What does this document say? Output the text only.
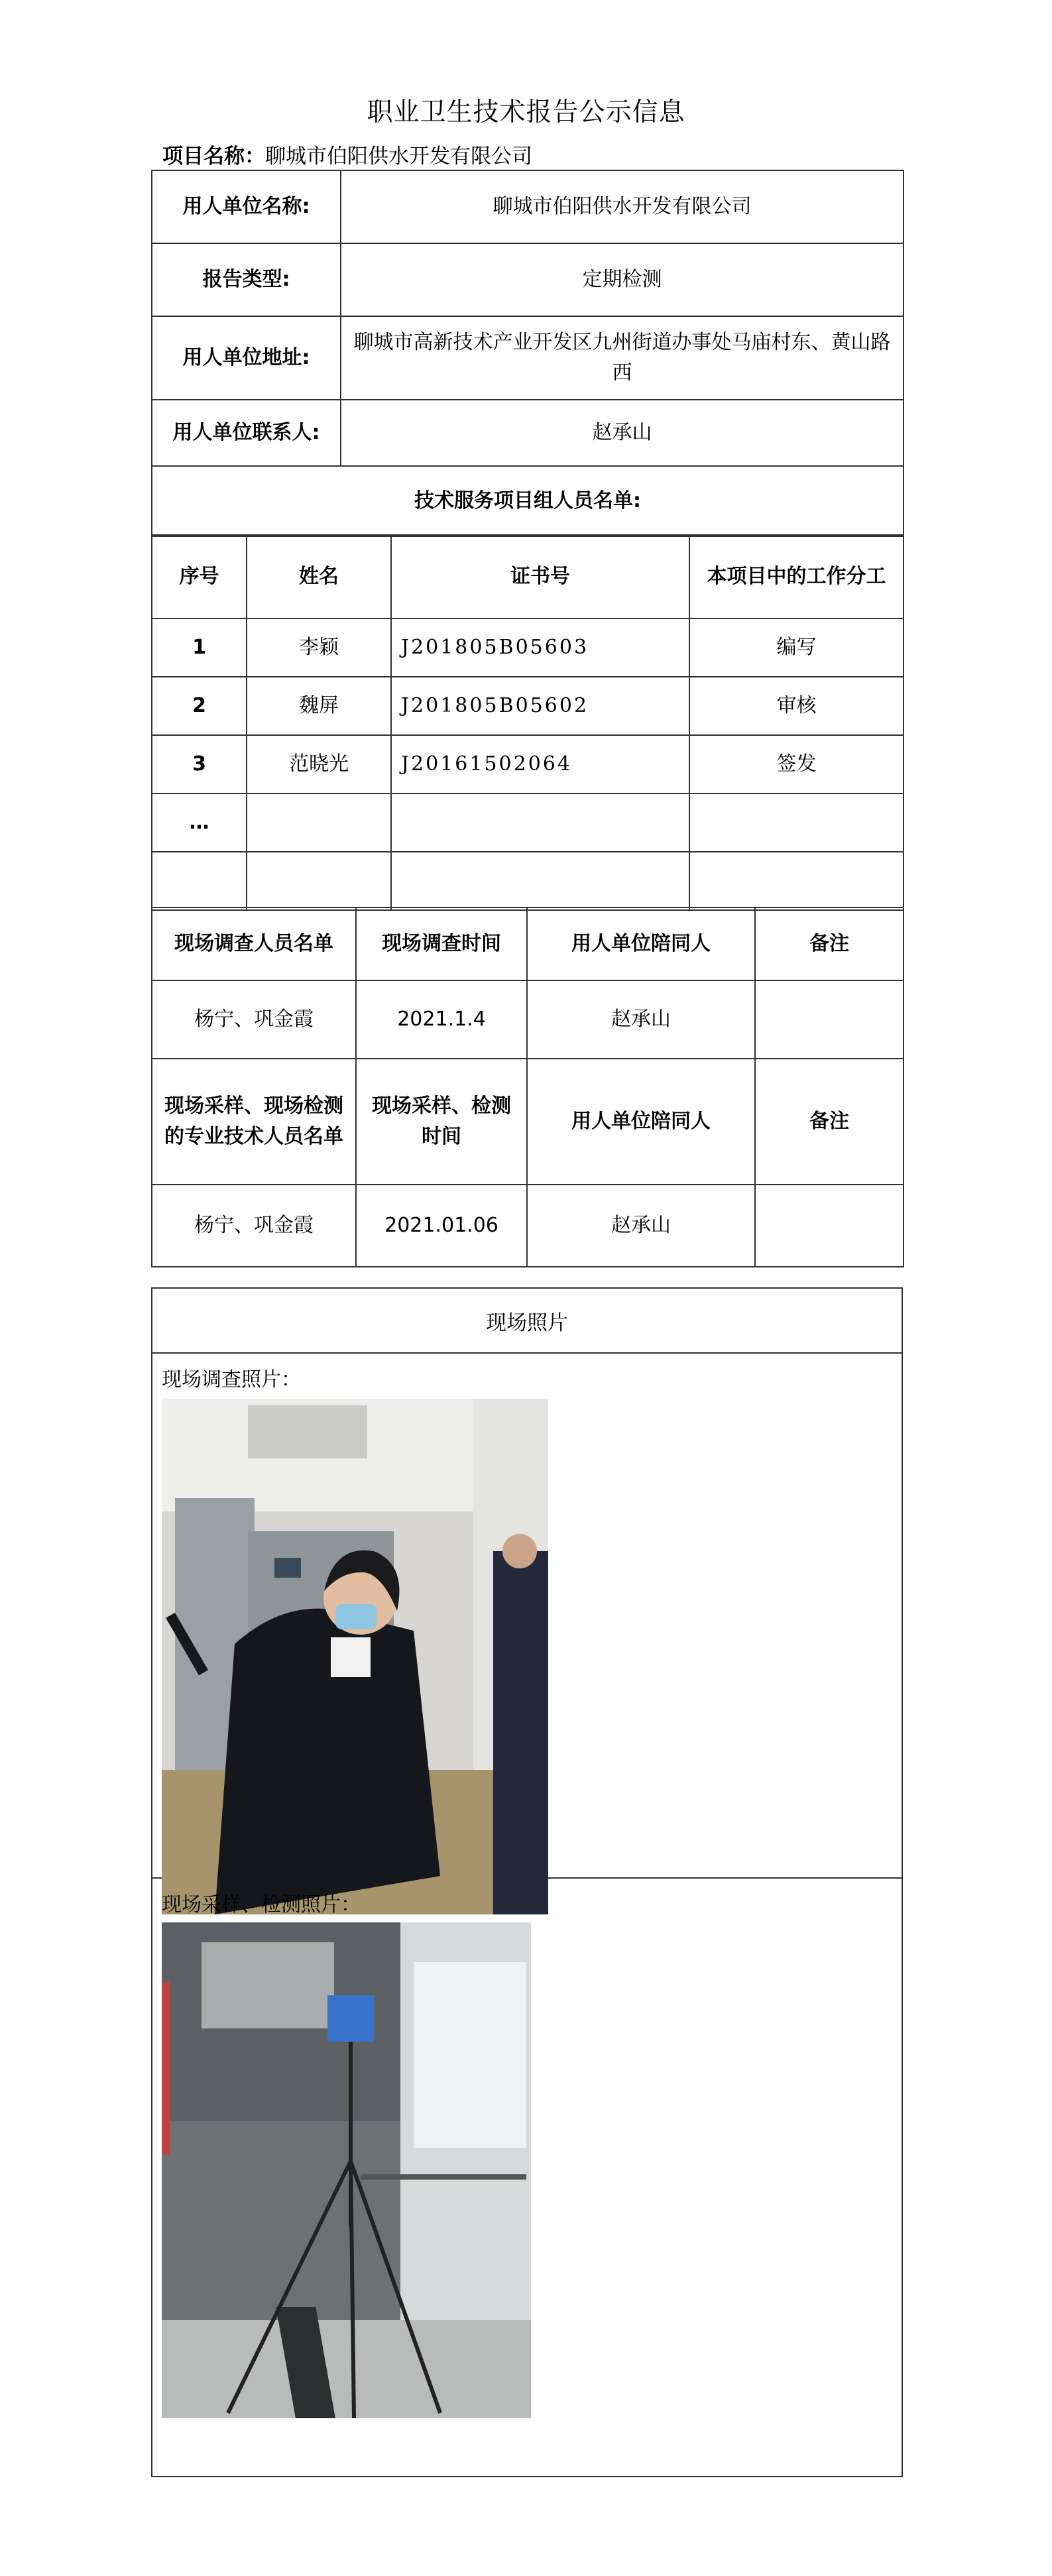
职业卫生技术报告公示信息
项目名称：聊城市伯阳供水开发有限公司
用人单位名称:	聊城市伯阳供水开发有限公司
报告类型:	定期检测
用人单位地址:	聊城市高新技术产业开发区九州街道办事处马庙村东、黄山路西
用人单位联系人:	赵承山
技术服务项目组人员名单:	
序号	姓名	证书号	本项目中的工作分工
1	李颖	J201805B05603	编写
2	魏屏	J201805B05602	审核
3	范晓光	J20161502064	签发
…			

现场调查人员名单	现场调查时间	用人单位陪同人	备注
杨宁、巩金霞	2021.1.4	赵承山	
现场采样、现场检测的专业技术人员名单	现场采样、检测时间	用人单位陪同人	备注
杨宁、巩金霞	2021.01.06	赵承山	
现场照片
现场调查照片：
现场采样、检测照片：
